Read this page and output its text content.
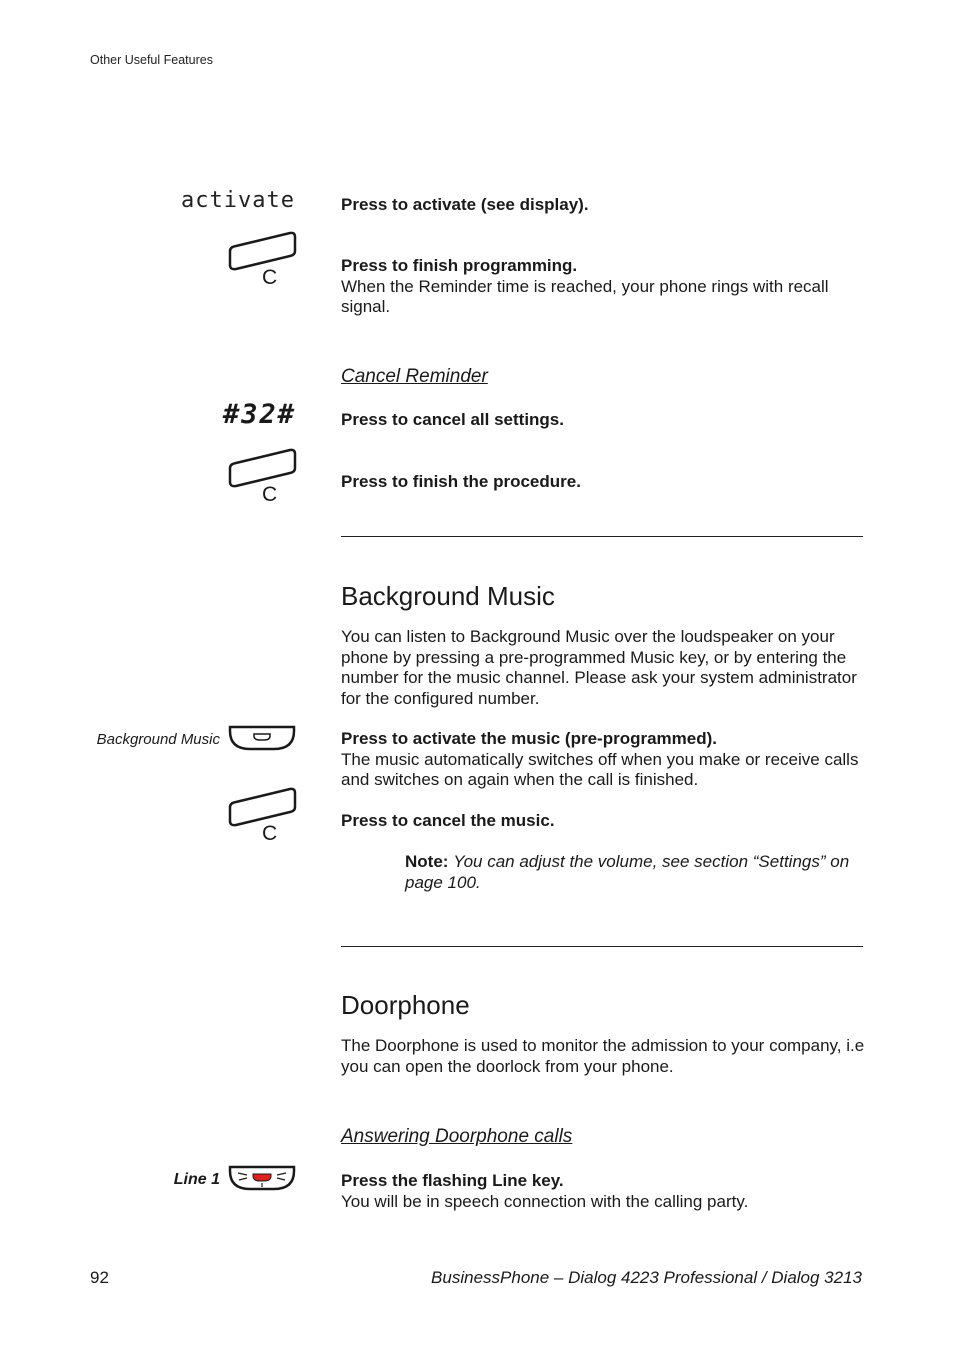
Other Useful Features
activate	Press to activate (see display).
C
Press to finish programming.
When the Reminder time is reached, your phone rings with recall signal.
Cancel Reminder
#32#	Press to cancel all settings.
C
Press to finish the procedure.
Background Music
You can listen to Background Music over the loudspeaker on your phone by pressing a pre-programmed Music key, or by entering the number for the music channel. Please ask your system administrator for the configured number.
Background Music	Press to activate the music (pre-programmed).
The music automatically switches off when you make or receive calls and switches on again when the call is finished.
C
Press to cancel the music.
Note: You can adjust the volume, see section “Settings” on page 100.
Doorphone
The Doorphone is used to monitor the admission to your company, i.e you can open the doorlock from your phone.
Answering Doorphone calls
Line 1	Press the flashing Line key.
You will be in speech connection with the calling party.
92	BusinessPhone – Dialog 4223 Professional / Dialog 3213
